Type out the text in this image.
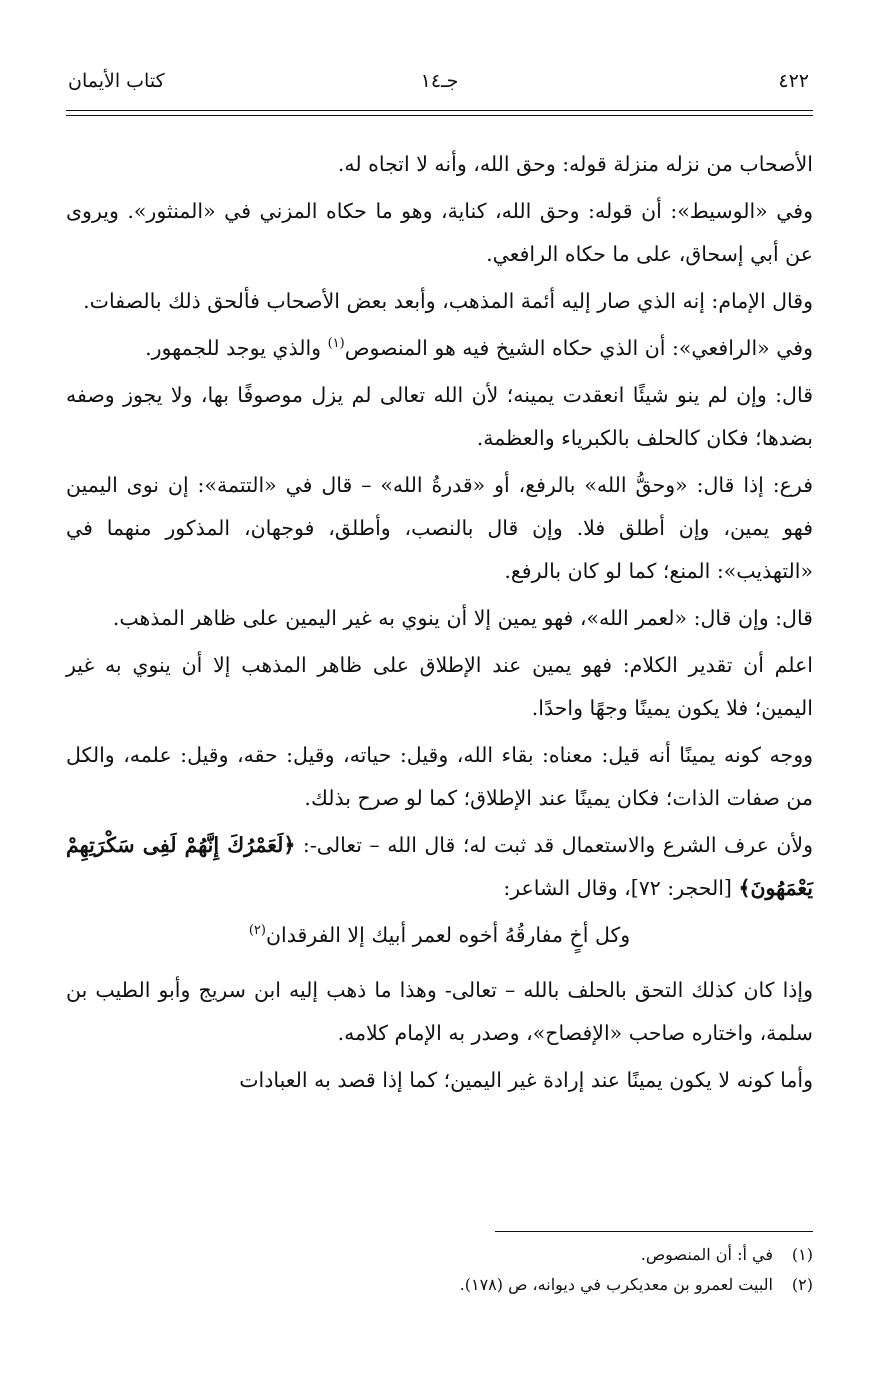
٤٢٢
جـ١٤
كتاب الأيمان

الأصحاب من نزله منزلة قوله: وحق الله، وأنه لا اتجاه له.

وفي «الوسيط»: أن قوله: وحق الله، كناية، وهو ما حكاه المزني في «المنثور». ويروى عن أبي إسحاق، على ما حكاه الرافعي.

وقال الإمام: إنه الذي صار إليه أئمة المذهب، وأبعد بعض الأصحاب فألحق ذلك بالصفات.

وفي «الرافعي»: أن الذي حكاه الشيخ فيه هو المنصوص$^{(١)}$ والذي يوجد للجمهور.

قال: وإن لم ينو شيئًا انعقدت يمينه؛ لأن الله تعالى لم يزل موصوفًا بها، ولا يجوز وصفه بضدها؛ فكان كالحلف بالكبرياء والعظمة.

فرع: إذا قال: «وحقُّ الله» بالرفع، أو «قدرةُ الله» – قال في «التتمة»: إن نوى اليمين فهو يمين، وإن أطلق فلا. وإن قال بالنصب، وأطلق، فوجهان، المذكور منهما في «التهذيب»: المنع؛ كما لو كان بالرفع.

قال: وإن قال: «لعمر الله»، فهو يمين إلا أن ينوي به غير اليمين على ظاهر المذهب.

اعلم أن تقدير الكلام: فهو يمين عند الإطلاق على ظاهر المذهب إلا أن ينوي به غير اليمين؛ فلا يكون يمينًا وجهًا واحدًا.

ووجه كونه يمينًا أنه قيل: معناه: بقاء الله، وقيل: حياته، وقيل: حقه، وقيل: علمه، والكل من صفات الذات؛ فكان يمينًا عند الإطلاق؛ كما لو صرح بذلك.

ولأن عرف الشرع والاستعمال قد ثبت له؛ قال الله – تعالى-: ﴿لَعَمْرُكَ إِنَّهُمْ لَفِى سَكْرَتِهِمْ يَعْمَهُونَ﴾ [الحجر: ٧٢]، وقال الشاعر:

وكل أخٍ مفارقُهُ أخوه لعمر أبيك إلا الفرقدان$^{(٢)}$

وإذا كان كذلك التحق بالحلف بالله – تعالى- وهذا ما ذهب إليه ابن سريج وأبو الطيب بن سلمة، واختاره صاحب «الإفصاح»، وصدر به الإمام كلامه.

وأما كونه لا يكون يمينًا عند إرادة غير اليمين؛ كما إذا قصد به العبادات

(١)في أ: أن المنصوص.

(٢)البيت لعمرو بن معديكرب في ديوانه، ص (١٧٨).
